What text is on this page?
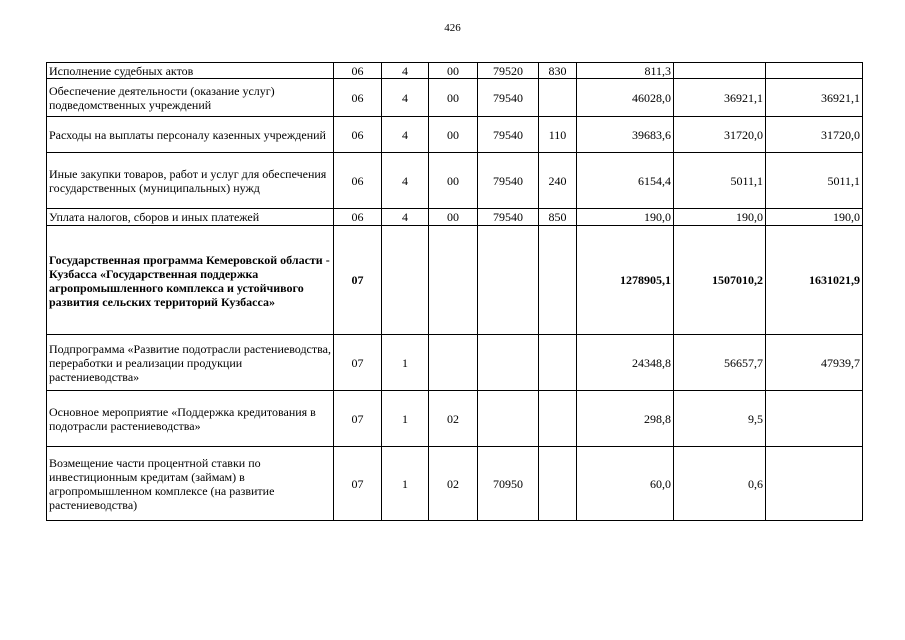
426
Исполнение судебных актов	06	4	00	79520	830	811,3		
Обеспечение деятельности (оказание услуг) подведомственных учреждений	06	4	00	79540		46028,0	36921,1	36921,1
Расходы на выплаты персоналу казенных учреждений	06	4	00	79540	110	39683,6	31720,0	31720,0
Иные закупки товаров, работ и услуг для обеспечения государственных (муниципальных) нужд	06	4	00	79540	240	6154,4	5011,1	5011,1
Уплата налогов, сборов и иных платежей	06	4	00	79540	850	190,0	190,0	190,0
Государственная программа Кемеровской области - Кузбасса «Государственная поддержка агропромышленного комплекса и устойчивого развития сельских территорий Кузбасса»	07					1278905,1	1507010,2	1631021,9
Подпрограмма «Развитие подотрасли растениеводства, переработки и реализации продукции растениеводства»	07	1				24348,8	56657,7	47939,7
Основное мероприятие «Поддержка кредитования в подотрасли растениеводства»	07	1	02			298,8	9,5	
Возмещение части процентной ставки по инвестиционным кредитам (займам) в агропромышленном комплексе (на развитие растениеводства)	07	1	02	70950		60,0	0,6	
